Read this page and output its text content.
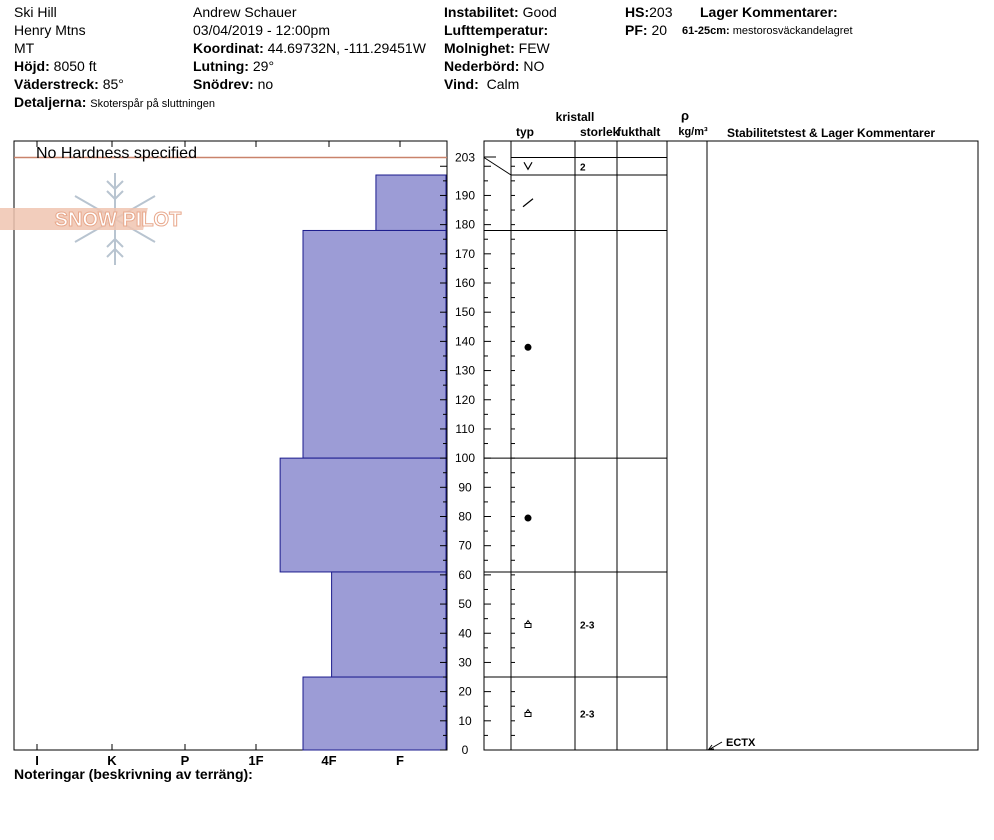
Ski Hill
Henry Mtns
MT
Höjd: 8050 ft
Väderstreck: 85°
Detaljerna: Skoterspår på sluttningen
Andrew Schauer
03/04/2019 - 12:00pm
Koordinat: 44.69732N, -111.29451W
Lutning: 29°
Snödrev: no
Instabilitet: Good
Lufttemperatur:
Molnighet: FEW
Nederbörd: NO
Vind: Calm
HS:203
PF: 20
Lager Kommentarer:
61-25cm: mestorosväckandelagret
SNOW PILOT
No Hardness specified
I	K	P	1F	4F	F
0
10
20
30
40
50
60
70
80
90
100
110
120
130
140
150
160
170
180
190
203
kristall
typ	storlek
fukthalt
ρ
kg/m³ Stabilitetstest & Lager Kommentarer
2
2-3
2-3
ECTX
Noteringar (beskrivning av terräng):
